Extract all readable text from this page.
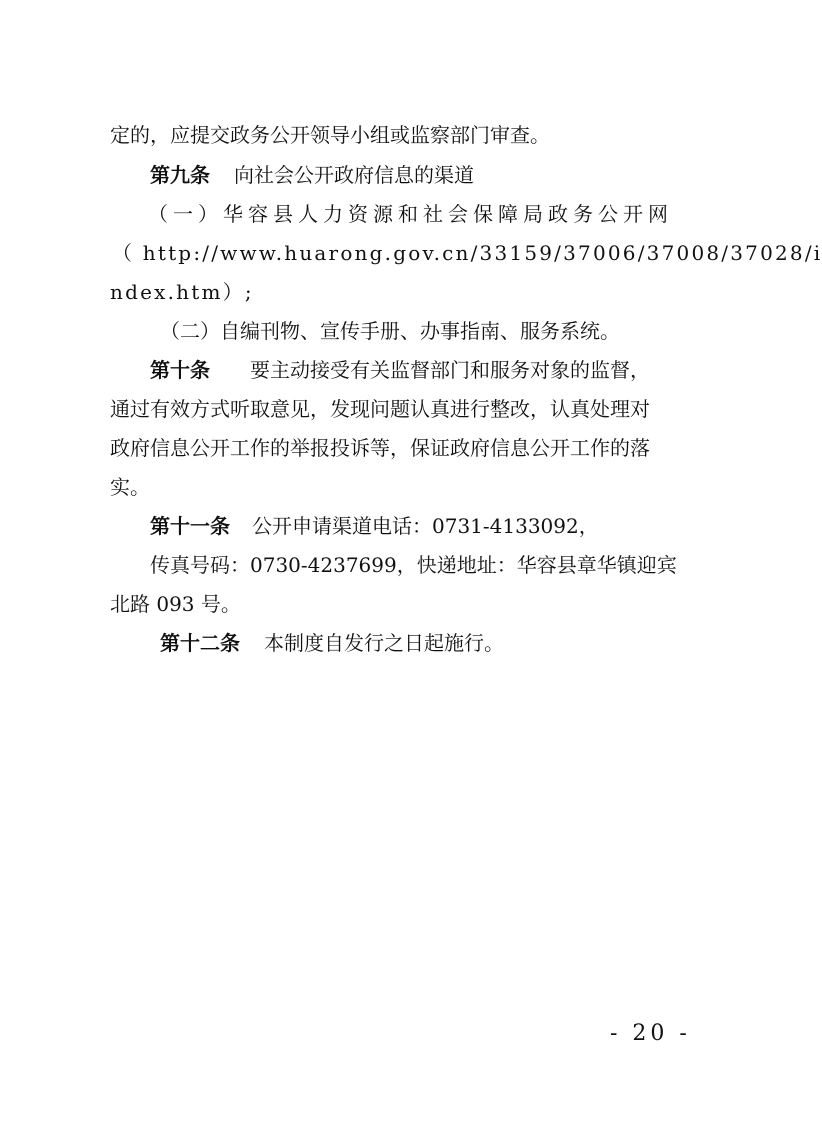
定的，应提交政务公开领导小组或监察部门审查。
第九条 向社会公开政府信息的渠道
（一）华容县人力资源和社会保障局政务公开网
（ http://www.huarong.gov.cn/33159/37006/37008/37028/i
ndex.htm）;
（二）自编刊物、宣传手册、办事指南、服务系统。
第十条 要主动接受有关监督部门和服务对象的监督，
通过有效方式听取意见，发现问题认真进行整改，认真处理对
政府信息公开工作的举报投诉等，保证政府信息公开工作的落
实。
第十一条 公开申请渠道电话：0731-4133092，
传真号码：0730-4237699，快递地址：华容县章华镇迎宾
北路 093 号。
第十二条 本制度自发行之日起施行。
- 20 -
